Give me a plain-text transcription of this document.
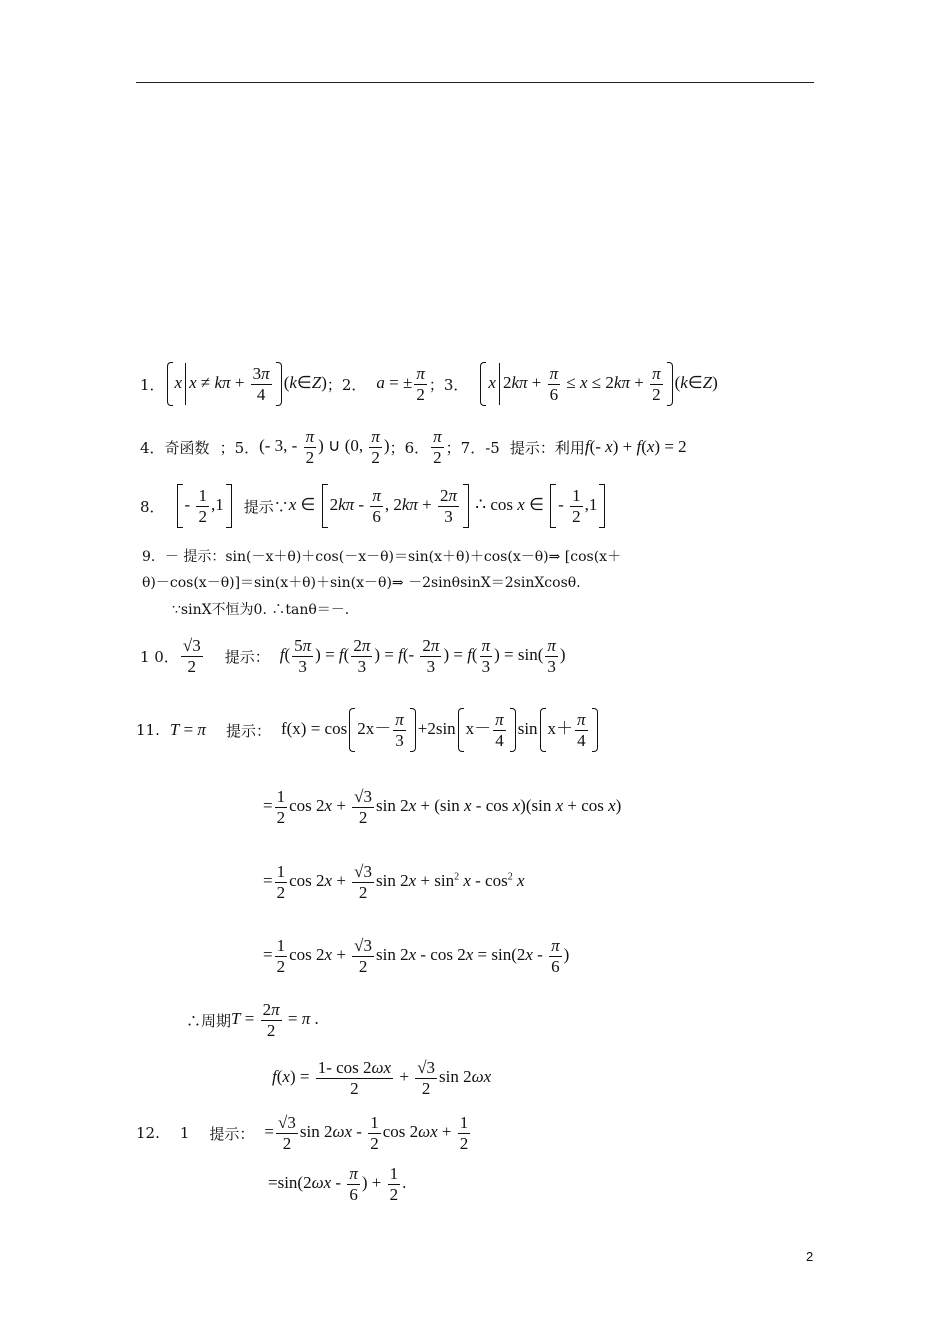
1． x $x \ne k\pi + \frac{3\pi}{4}$ (k∈Z) ；2． a = ± $\frac{\pi}{2}$ ；3．	x $2k\pi + \frac{\pi}{6} \le x \le 2k\pi + \frac{\pi}{2}$ (k∈Z)
4． 奇函数 ；5． (- 3, - $\frac{\pi}{2}$ ) ∪ (0, $\frac{\pi}{2}$ ) ；6． $\frac{\pi}{2}$ ；7．-5 提示： 利用 f(- x) + f(x) = 2
8．	- $\frac{1}{2} ,1$	提示∵ x ∈ $2k\pi - \frac{\pi}{6}$ , $2k\pi + \frac{2\pi}{3}$ ∴ cos x ∈ - $\frac{1}{2} ,1$
9．－ 提示：sin(－x＋θ)＋cos(－x－θ)＝sin(x＋θ)＋cos(x－θ)⇒ [cos(x＋
θ)－cos(x－θ)]＝sin(x＋θ)＋sin(x－θ)⇒ －2sinθsinX＝2sinXcosθ.
∵sinX不恒为0. ∴tanθ＝－.
1 0． $\frac{√3}{2}$ 提示： $f( \frac{5\pi}{3}$ ) = $f( \frac{2\pi}{3}$ ) = $f(- \frac{2\pi}{3}$ ) = $f( \frac{\pi}{3}$ ) = $\sin( \frac{\pi}{3}$ )
11. T = π 提示： $f(x) = \cos 2x- \frac{\pi}{3} +2\sin$ $x- \frac{\pi}{4}$ $\sin x+ \frac{\pi}{4}$
= $\frac{1}{2}$ $\cos 2x + \frac{√3}{2}$ sin 2x + (sin x - cos x)(sin x + cos x)
= $\frac{1}{2}$ $\cos 2x + \frac{√3}{2}$ $\sin 2x + \sin^2 x - \cos^2 x$
= $\frac{1}{2}$ $\cos 2x + \frac{√3}{2}$ $\sin 2x - \cos 2x = \sin(2x - \frac{\pi}{6}$ )
∴周期 $T = \frac{2\pi}{2} = \pi$ .
$f(x) = \frac{1- \cos 2\omega x}{2} + \frac{√3}{2}$ sin 2ωx
12. 1 提示： = $\frac{√3}{2}$ $\sin 2\omega x - \frac{1}{2}$ $\cos 2\omega x + \frac{1}{2}$
$=\sin(2\omega x - \frac{\pi}{6}$ ) + $\frac{1}{2}$ .
2
